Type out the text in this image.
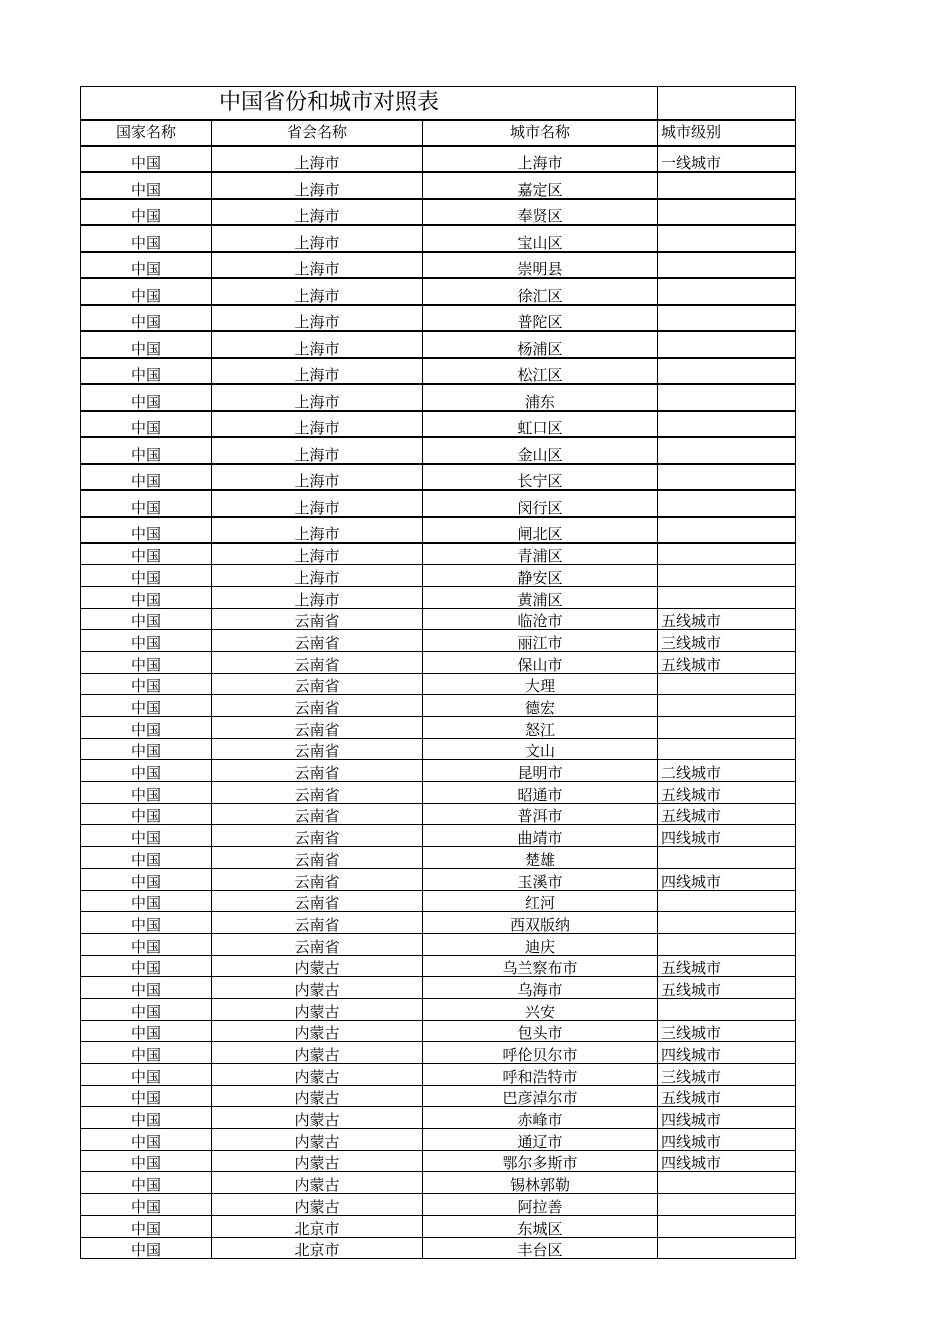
中国省份和城市对照表			
国家名称	省会名称	城市名称	城市级别
中国	上海市	上海市	一线城市
中国	上海市	嘉定区	
中国	上海市	奉贤区	
中国	上海市	宝山区	
中国	上海市	崇明县	
中国	上海市	徐汇区	
中国	上海市	普陀区	
中国	上海市	杨浦区	
中国	上海市	松江区	
中国	上海市	浦东	
中国	上海市	虹口区	
中国	上海市	金山区	
中国	上海市	长宁区	
中国	上海市	闵行区	
中国	上海市	闸北区	
中国	上海市	青浦区	
中国	上海市	静安区	
中国	上海市	黄浦区	
中国	云南省	临沧市	五线城市
中国	云南省	丽江市	三线城市
中国	云南省	保山市	五线城市
中国	云南省	大理	
中国	云南省	德宏	
中国	云南省	怒江	
中国	云南省	文山	
中国	云南省	昆明市	二线城市
中国	云南省	昭通市	五线城市
中国	云南省	普洱市	五线城市
中国	云南省	曲靖市	四线城市
中国	云南省	楚雄	
中国	云南省	玉溪市	四线城市
中国	云南省	红河	
中国	云南省	西双版纳	
中国	云南省	迪庆	
中国	内蒙古	乌兰察布市	五线城市
中国	内蒙古	乌海市	五线城市
中国	内蒙古	兴安	
中国	内蒙古	包头市	三线城市
中国	内蒙古	呼伦贝尔市	四线城市
中国	内蒙古	呼和浩特市	三线城市
中国	内蒙古	巴彦淖尔市	五线城市
中国	内蒙古	赤峰市	四线城市
中国	内蒙古	通辽市	四线城市
中国	内蒙古	鄂尔多斯市	四线城市
中国	内蒙古	锡林郭勒	
中国	内蒙古	阿拉善	
中国	北京市	东城区	
中国	北京市	丰台区	
